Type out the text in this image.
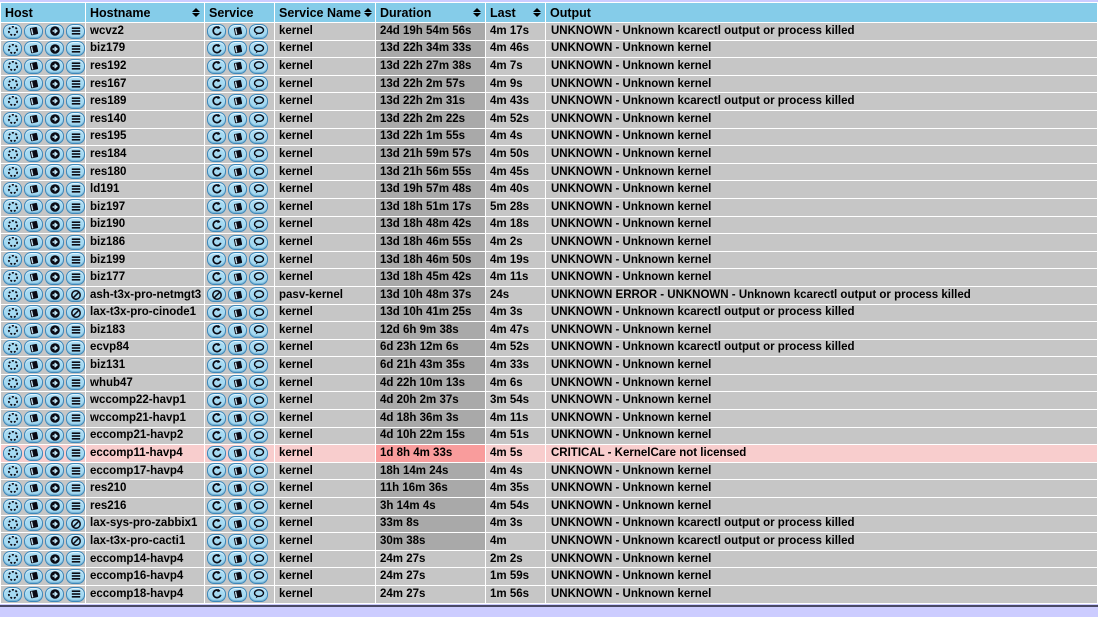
Host	Hostname	Service	Service Name	Duration	Last	Output

	wcvz2		kernel	24d 19h 54m 56s	4m 17s	UNKNOWN - Unknown kcarectl output or process killed

	biz179		kernel	13d 22h 34m 33s	4m 46s	UNKNOWN - Unknown kernel

	res192		kernel	13d 22h 27m 38s	4m 7s	UNKNOWN - Unknown kernel

	res167		kernel	13d 22h 2m 57s	4m 9s	UNKNOWN - Unknown kernel

	res189		kernel	13d 22h 2m 31s	4m 43s	UNKNOWN - Unknown kcarectl output or process killed

	res140		kernel	13d 22h 2m 22s	4m 52s	UNKNOWN - Unknown kernel

	res195		kernel	13d 22h 1m 55s	4m 4s	UNKNOWN - Unknown kernel

	res184		kernel	13d 21h 59m 57s	4m 50s	UNKNOWN - Unknown kernel

	res180		kernel	13d 21h 56m 55s	4m 45s	UNKNOWN - Unknown kernel

	ld191		kernel	13d 19h 57m 48s	4m 40s	UNKNOWN - Unknown kernel

	biz197		kernel	13d 18h 51m 17s	5m 28s	UNKNOWN - Unknown kernel

	biz190		kernel	13d 18h 48m 42s	4m 18s	UNKNOWN - Unknown kernel

	biz186		kernel	13d 18h 46m 55s	4m 2s	UNKNOWN - Unknown kernel

	biz199		kernel	13d 18h 46m 50s	4m 19s	UNKNOWN - Unknown kernel

	biz177		kernel	13d 18h 45m 42s	4m 11s	UNKNOWN - Unknown kernel

	ash-t3x-pro-netmgt3		pasv-kernel	13d 10h 48m 37s	24s	UNKNOWN ERROR - UNKNOWN - Unknown kcarectl output or process killed

	lax-t3x-pro-cinode1		kernel	13d 10h 41m 25s	4m 3s	UNKNOWN - Unknown kcarectl output or process killed

	biz183		kernel	12d 6h 9m 38s	4m 47s	UNKNOWN - Unknown kernel

	ecvp84		kernel	6d 23h 12m 6s	4m 52s	UNKNOWN - Unknown kcarectl output or process killed

	biz131		kernel	6d 21h 43m 35s	4m 33s	UNKNOWN - Unknown kernel

	whub47		kernel	4d 22h 10m 13s	4m 6s	UNKNOWN - Unknown kernel

	wccomp22-havp1		kernel	4d 20h 2m 37s	3m 54s	UNKNOWN - Unknown kernel

	wccomp21-havp1		kernel	4d 18h 36m 3s	4m 11s	UNKNOWN - Unknown kernel

	eccomp21-havp2		kernel	4d 10h 22m 15s	4m 51s	UNKNOWN - Unknown kernel

	eccomp11-havp4		kernel	1d 8h 4m 33s	4m 5s	CRITICAL - KernelCare not licensed

	eccomp17-havp4		kernel	18h 14m 24s	4m 4s	UNKNOWN - Unknown kernel

	res210		kernel	11h 16m 36s	4m 35s	UNKNOWN - Unknown kernel

	res216		kernel	3h 14m 4s	4m 54s	UNKNOWN - Unknown kernel

	lax-sys-pro-zabbix1		kernel	33m 8s	4m 3s	UNKNOWN - Unknown kcarectl output or process killed

	lax-t3x-pro-cacti1		kernel	30m 38s	4m	UNKNOWN - Unknown kcarectl output or process killed

	eccomp14-havp4		kernel	24m 27s	2m 2s	UNKNOWN - Unknown kernel

	eccomp16-havp4		kernel	24m 27s	1m 59s	UNKNOWN - Unknown kernel

	eccomp18-havp4		kernel	24m 27s	1m 56s	UNKNOWN - Unknown kernel
